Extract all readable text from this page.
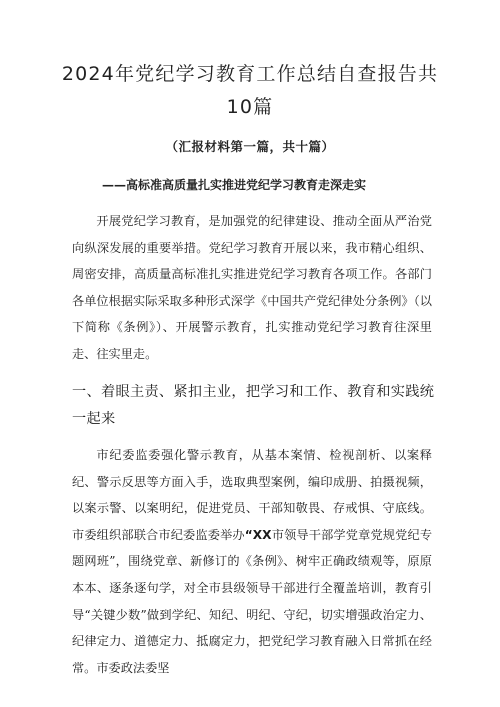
2024年党纪学习教育工作总结自查报告共10篇
（汇报材料第一篇，共十篇）
——高标准高质量扎实推进党纪学习教育走深走实

开展党纪学习教育，是加强党的纪律建设、推动全面从严治党向纵深发展的重要举措。党纪学习教育开展以来，我市精心组织、周密安排，高质量高标准扎实推进党纪学习教育各项工作。各部门各单位根据实际采取多种形式深学《中国共产党纪律处分条例》（以下简称《条例》）、开展警示教育，扎实推动党纪学习教育往深里走、往实里走。

一、着眼主责、紧扣主业，把学习和工作、教育和实践统一起来

市纪委监委强化警示教育，从基本案情、检视剖析、以案释纪、警示反思等方面入手，选取典型案例，编印成册、拍摄视频，以案示警、以案明纪，促进党员、干部知敬畏、存戒惧、守底线。市委组织部联合市纪委监委举办“XX市领导干部学党章党规党纪专题网班”，围绕党章、新修订的《条例》、树牢正确政绩观等，原原本本、逐条逐句学，对全市县级领导干部进行全覆盖培训，教育引导“关键少数”做到学纪、知纪、明纪、守纪，切实增强政治定力、纪律定力、道德定力、抵腐定力，把党纪学习教育融入日常抓在经常。市委政法委坚
